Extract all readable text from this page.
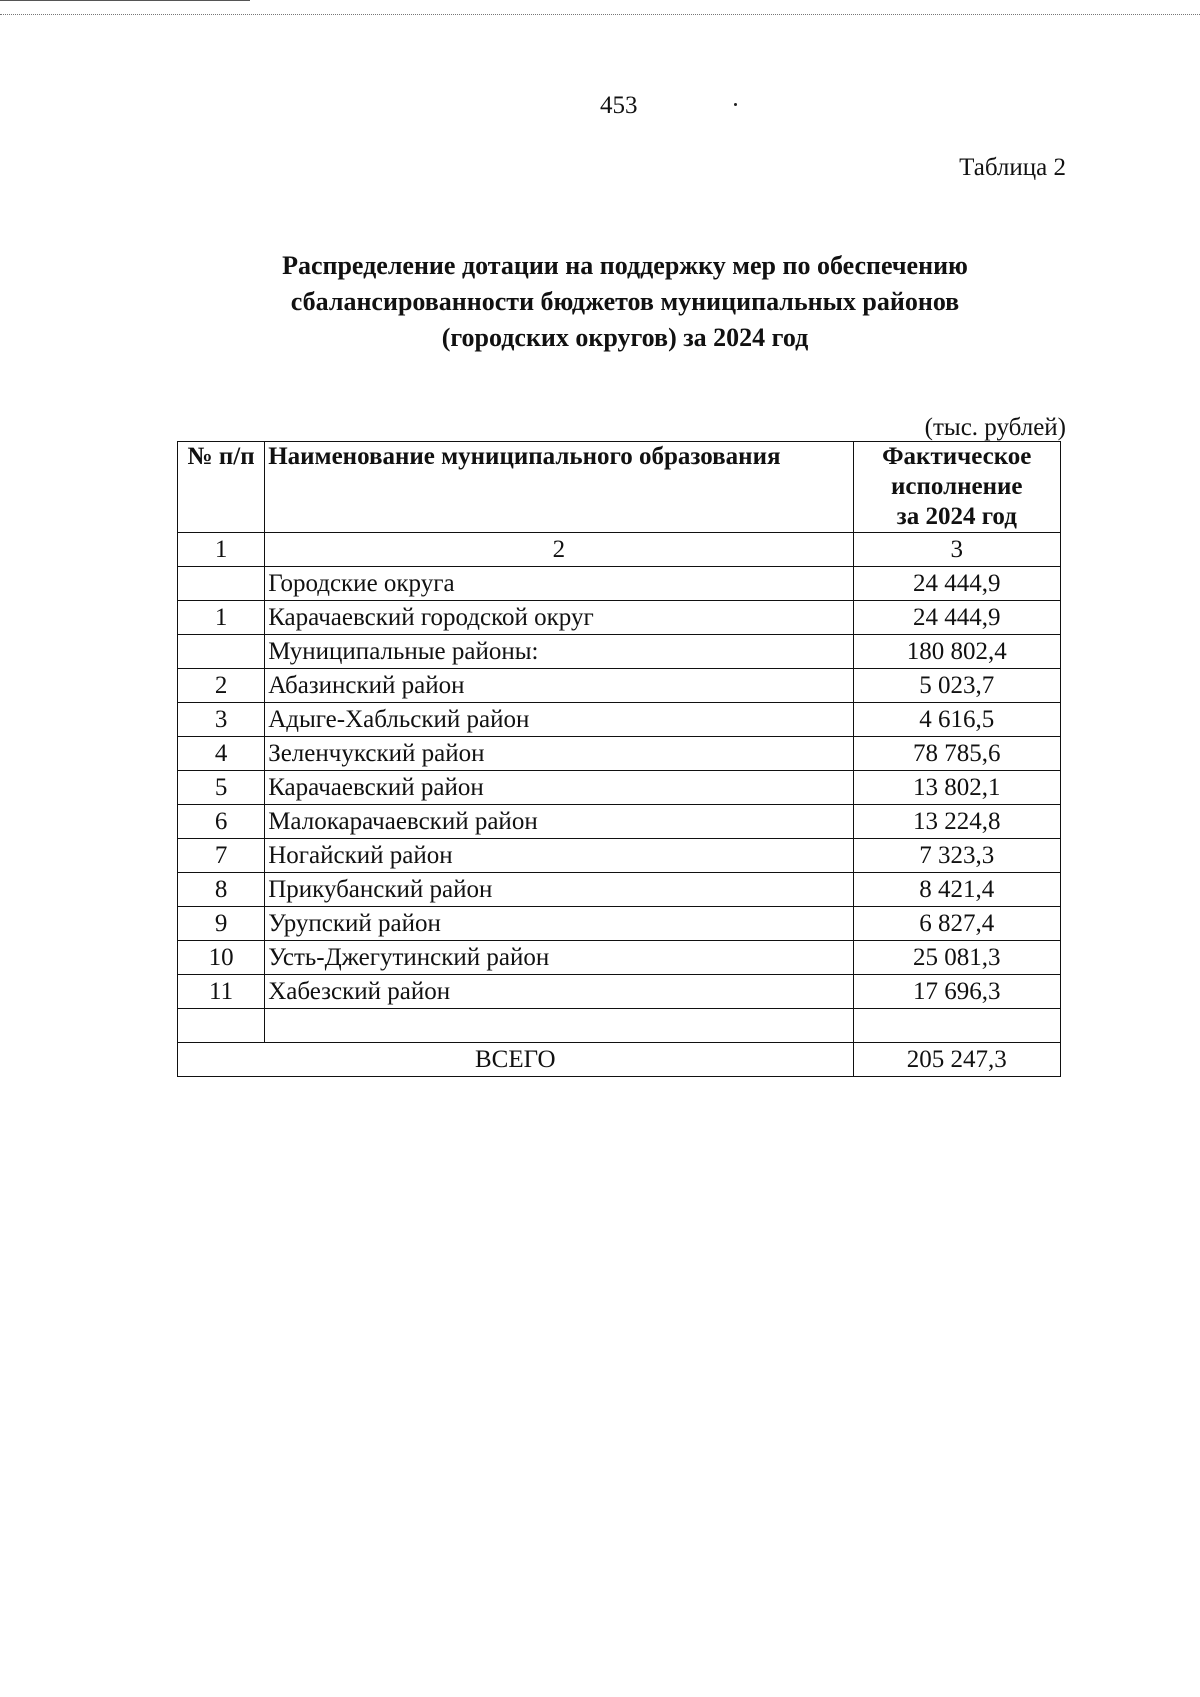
453
Таблица 2
Распределение дотации на поддержку мер по обеспечению
сбалансированности бюджетов муниципальных районов
(городских округов) за 2024 год
(тыс. рублей)
№ п/п	Наименование муниципального образования	Фактическое
исполнение
за 2024 год

1	2	3
	Городские округа	24 444,9
1	Карачаевский городской округ	24 444,9
	Муниципальные районы:	180 802,4
2	Абазинский район	5 023,7
3	Адыге-Хабльский район	4 616,5
4	Зеленчукский район	78 785,6
5	Карачаевский район	13 802,1
6	Малокарачаевский район	13 224,8
7	Ногайский район	7 323,3
8	Прикубанский район	8 421,4
9	Урупский район	6 827,4
10	Усть-Джегутинский район	25 081,3
11	Хабезский район	17 696,3

ВСЕГО		205 247,3
